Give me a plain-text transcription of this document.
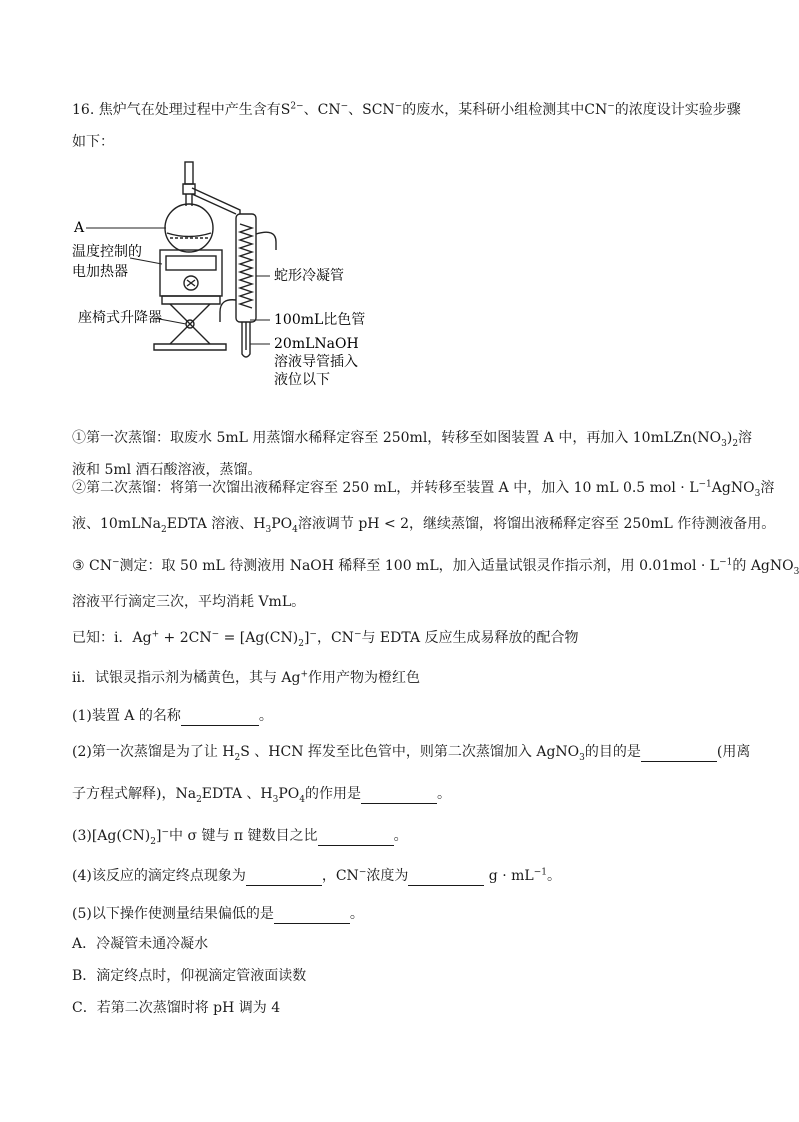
16. 焦炉气在处理过程中产生含有$S^{2-}$、CN−、SCN−的废水，某科研小组检测其中CN−的浓度设计实验步骤
如下：
A
温度控制的
电加热器
座椅式升降器
蛇形冷凝管
100mL比色管
20mLNaOH
溶液导管插入
液位以下
①第一次蒸馏：取废水 5mL 用蒸馏水稀释定容至 250ml，转移至如图装置 A 中，再加入 $10mLZn(NO_3)_2$溶
液和 5ml 酒石酸溶液，蒸馏。
②第二次蒸馏：将第一次馏出液稀释定容至 250 mL，并转移至装置 A 中，加入 10 mL 0.5 mol · $L^{-1}AgNO_3$溶
液、10mLNa$_2$EDTA 溶液、$H_3PO_4$溶液调节 pH < 2，继续蒸馏，将馏出液稀释定容至 250mL 作待测液备用。
③ CN−测定：取 50 mL 待测液用 NaOH 稀释至 100 mL，加入适量试银灵作指示剂，用 $0.01mol \cdot L^{-1}$的 AgNO$_3$
溶液平行滴定三次，平均消耗 VmL。
已知：i．$Ag^+ + 2CN^- = [Ag(CN)_2]^-$，CN−与 EDTA 反应生成易释放的配合物
ii．试银灵指示剂为橘黄色，其与 Ag+作用产物为橙红色
(1)装置 A 的名称	。
(2)第一次蒸馏是为了让 $H_2S$ 、HCN 挥发至比色管中，则第二次蒸馏加入 AgNO$_3$的目的是	(用离
子方程式解释)，$Na_2EDTA$ 、$H_3PO_4$的作用是	。
$(3)[Ag(CN)_2]^-$中 σ 键与 π 键数目之比	。
(4)该反应的滴定终点现象为	，CN−浓度为	$g \cdot mL^{-1}$。
(5)以下操作使测量结果偏低的是	。
A．冷凝管未通冷凝水
B．滴定终点时，仰视滴定管液面读数
C．若第二次蒸馏时将 pH 调为 4
